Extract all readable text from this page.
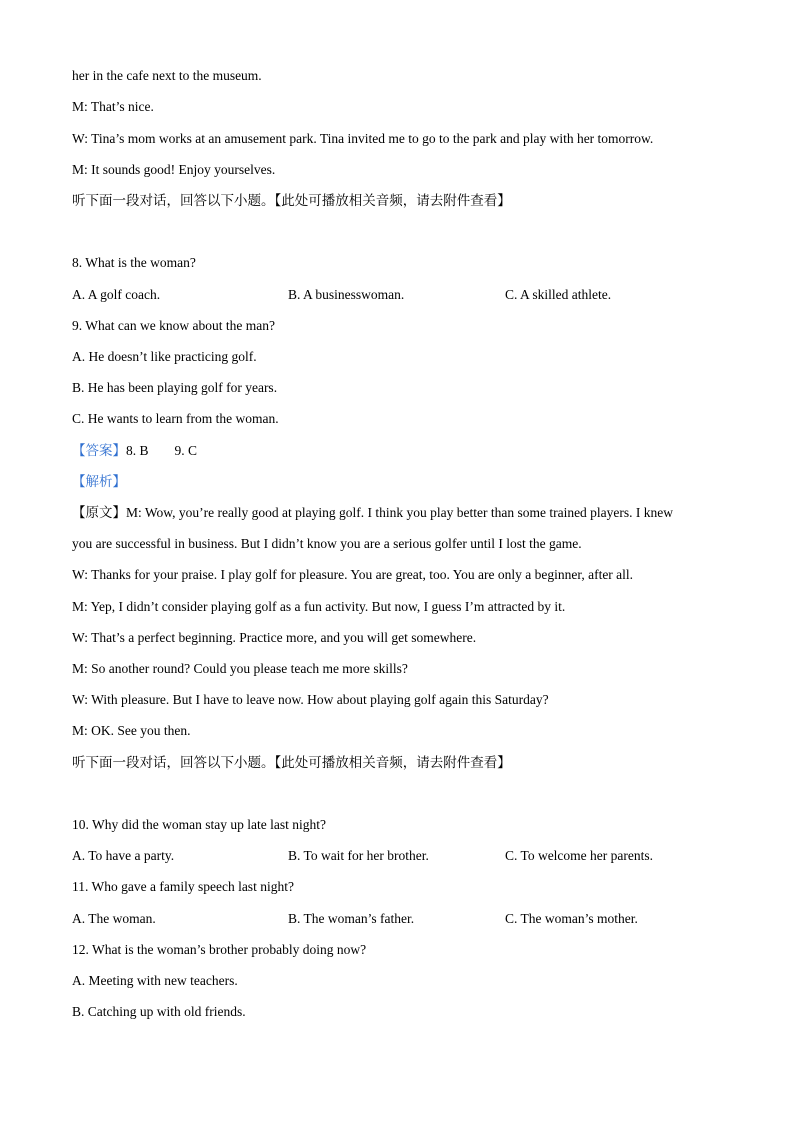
her in the cafe next to the museum.
M: That’s nice.
W: Tina’s mom works at an amusement park. Tina invited me to go to the park and play with her tomorrow.
M: It sounds good! Enjoy yourselves.
听下面一段对话，回答以下小题。【此处可播放相关音频，请去附件查看】
8. What is the woman?
A. A golf coach.	B. A businesswoman.	C. A skilled athlete.
9. What can we know about the man?
A. He doesn’t like practicing golf.
B. He has been playing golf for years.
C. He wants to learn from the woman.
【答案】8. B 9. C
【解析】
【原文】M: Wow, you’re really good at playing golf. I think you play better than some trained players. I knew
you are successful in business. But I didn’t know you are a serious golfer until I lost the game.
W: Thanks for your praise. I play golf for pleasure. You are great, too. You are only a beginner, after all.
M: Yep, I didn’t consider playing golf as a fun activity. But now, I guess I’m attracted by it.
W: That’s a perfect beginning. Practice more, and you will get somewhere.
M: So another round? Could you please teach me more skills?
W: With pleasure. But I have to leave now. How about playing golf again this Saturday?
M: OK. See you then.
听下面一段对话，回答以下小题。【此处可播放相关音频，请去附件查看】
10. Why did the woman stay up late last night?
A. To have a party.	B. To wait for her brother.	C. To welcome her parents.
11. Who gave a family speech last night?
A. The woman.	B. The woman’s father.	C. The woman’s mother.
12. What is the woman’s brother probably doing now?
A. Meeting with new teachers.
B. Catching up with old friends.
